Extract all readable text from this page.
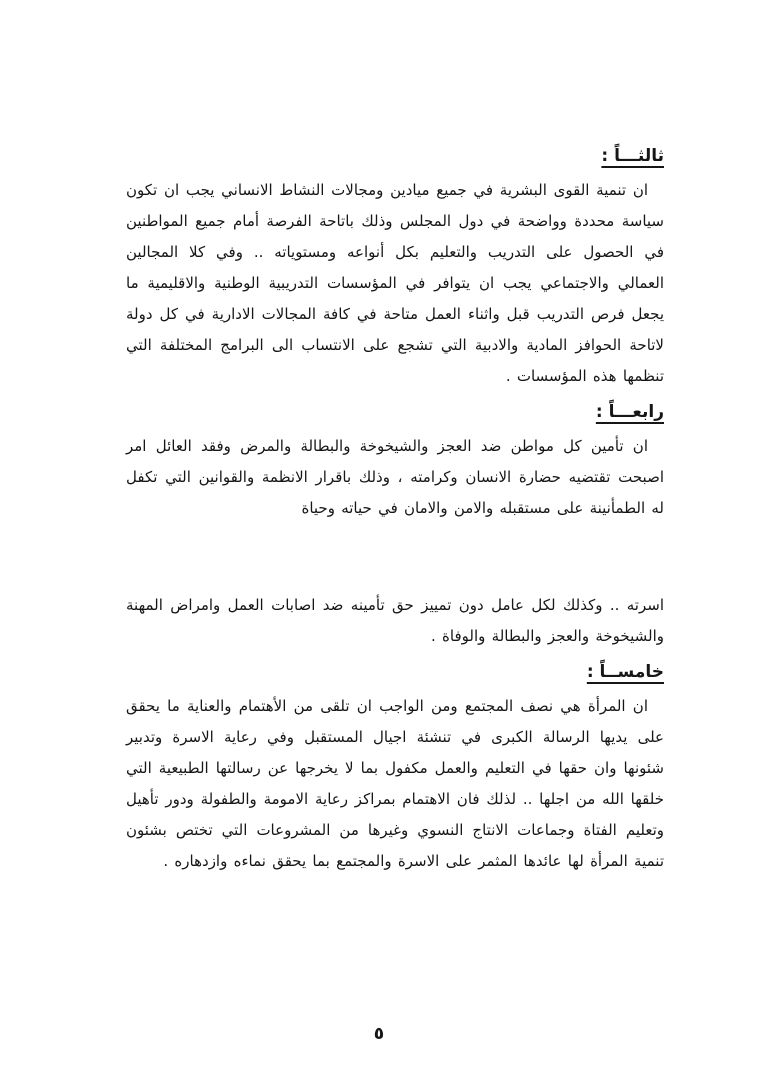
ثالثـــاً :

ان تنمية القوى البشرية في جميع ميادين ومجالات النشاط الانساني يجب ان تكون سياسة محددة وواضحة في دول المجلس وذلك باتاحة الفرصة أمام جميع المواطنين في الحصول على التدريب والتعليم بكل أنواعه ومستوياته .. وفي كلا المجالين العمالي والاجتماعي يجب ان يتوافر في المؤسسات التدريبية الوطنية والاقليمية ما يجعل فرص التدريب قبل واثناء العمل متاحة في كافة المجالات الادارية في كل دولة لاتاحة الحوافز المادية والادبية التي تشجع على الانتساب الى البرامج المختلفة التي تنظمها هذه المؤسسات .

رابعـــاً :

ان تأمين كل مواطن ضد العجز والشيخوخة والبطالة والمرض وفقد العائل امر اصبحت تقتضيه حضارة الانسان وكرامته ، وذلك باقرار الانظمة والقوانين التي تكفل له الطمأنينة على مستقبله والامن والامان في حياته وحياة

اسرته .. وكذلك لكل عامل دون تمييز حق تأمينه ضد اصابات العمل وامراض المهنة والشيخوخة والعجز والبطالة والوفاة .

خامســاً :

ان المرأة هي نصف المجتمع ومن الواجب ان تلقى من الأهتمام والعناية ما يحقق على يديها الرسالة الكبرى في تنشئة اجيال المستقبل وفي رعاية الاسرة وتدبير شئونها وان حقها في التعليم والعمل مكفول بما لا يخرجها عن رسالتها الطبيعية التي خلقها الله من اجلها .. لذلك فان الاهتمام بمراكز رعاية الامومة والطفولة ودور تأهيل وتعليم الفتاة وجماعات الانتاج النسوي وغيرها من المشروعات التي تختص بشئون تنمية المرأة لها عائدها المثمر على الاسرة والمجتمع بما يحقق نماءه وازدهاره .

٥
